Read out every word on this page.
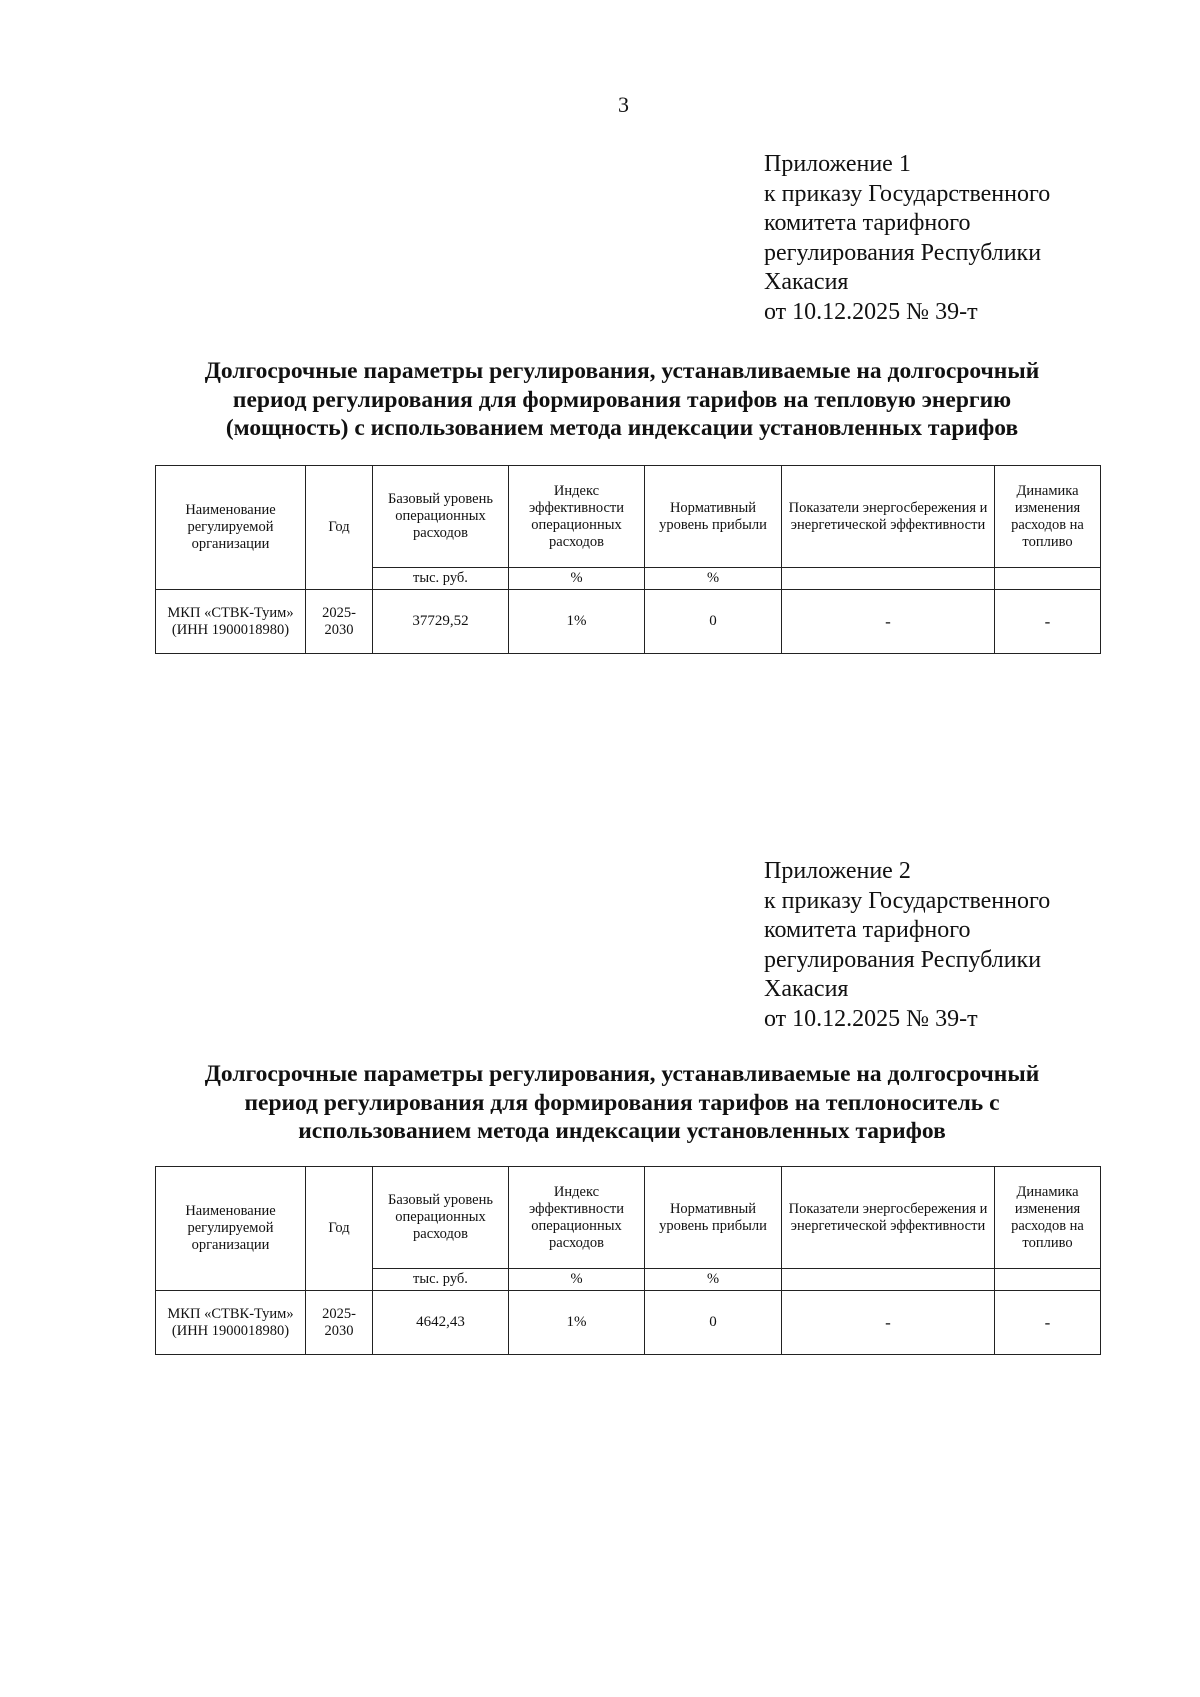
3
Приложение 1
к приказу Государственного
комитета тарифного
регулирования Республики
Хакасия
от 10.12.2025 № 39-т
Долгосрочные параметры регулирования, устанавливаемые на долгосрочный
период регулирования для формирования тарифов на тепловую энергию
(мощность) с использованием метода индексации установленных тарифов
Наименование регулируемой организации	Год	Базовый уровень операционных расходов	Индекс эффективности операционных расходов	Нормативный уровень прибыли	Показатели энергосбережения и энергетической эффективности	Динамика изменения расходов на топливо
		тыс. руб.	%	%		
МКП «СТВК-Туим» (ИНН 1900018980)	2025-2030	37729,52	1%	0	-	-
Приложение 2
к приказу Государственного
комитета тарифного
регулирования Республики
Хакасия
от 10.12.2025 № 39-т
Долгосрочные параметры регулирования, устанавливаемые на долгосрочный
период регулирования для формирования тарифов на теплоноситель с
использованием метода индексации установленных тарифов
Наименование регулируемой организации	Год	Базовый уровень операционных расходов	Индекс эффективности операционных расходов	Нормативный уровень прибыли	Показатели энергосбережения и энергетической эффективности	Динамика изменения расходов на топливо
		тыс. руб.	%	%		
МКП «СТВК-Туим» (ИНН 1900018980)	2025-2030	4642,43	1%	0	-	-
